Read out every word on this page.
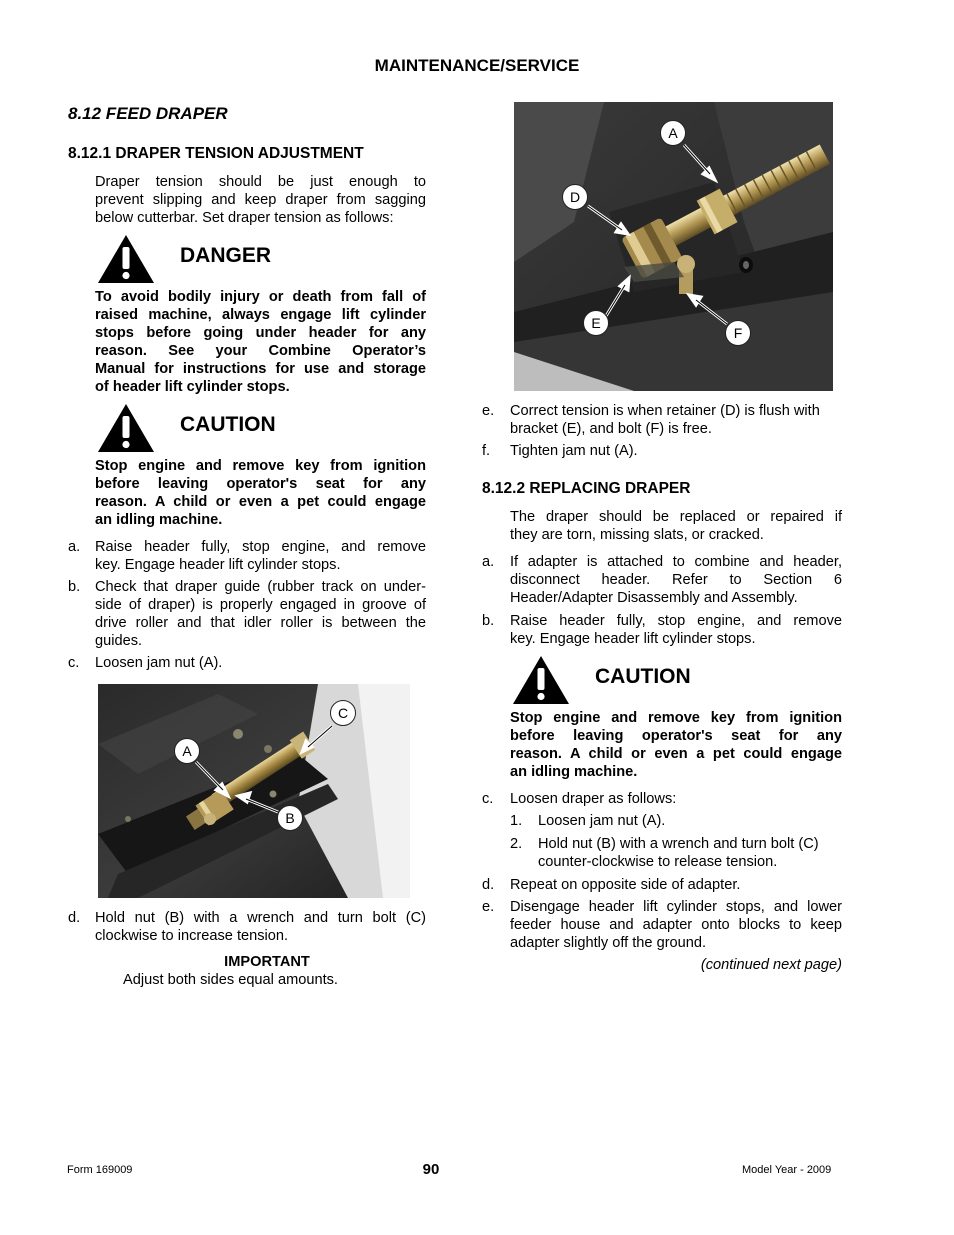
MAINTENANCE/SERVICE
8.12 FEED DRAPER
8.12.1 DRAPER TENSION ADJUSTMENT
Draper tension should be just enough to
prevent slipping and keep draper from sagging
below cutterbar. Set draper tension as follows:
DANGER
To avoid bodily injury or death from fall of
raised machine, always engage lift cylinder
stops before going under header for any
reason. See your Combine Operator’s
Manual for instructions for use and storage
of header lift cylinder stops.
CAUTION
Stop engine and remove key from ignition
before leaving operator's seat for any
reason. A child or even a pet could engage
an idling machine.
a. Raise header fully, stop engine, and remove
key. Engage header lift cylinder stops.
b. Check that draper guide (rubber track on under-
side of draper) is properly engaged in groove of
drive roller and that idler roller is between the
guides.
c. Loosen jam nut (A).
A
B
C
d. Hold nut (B) with a wrench and turn bolt (C)
clockwise to increase tension.
IMPORTANT
Adjust both sides equal amounts.
A
D
E
F
e. Correct tension is when retainer (D) is flush with
bracket (E), and bolt (F) is free.
f. Tighten jam nut (A).
8.12.2 REPLACING DRAPER
The draper should be replaced or repaired if
they are torn, missing slats, or cracked.
a. If adapter is attached to combine and header,
disconnect header. Refer to Section 6
Header/Adapter Disassembly and Assembly.
b. Raise header fully, stop engine, and remove
key. Engage header lift cylinder stops.
CAUTION
Stop engine and remove key from ignition
before leaving operator's seat for any
reason. A child or even a pet could engage
an idling machine.
c. Loosen draper as follows:
1. Loosen jam nut (A).
2. Hold nut (B) with a wrench and turn bolt (C)
counter-clockwise to release tension.
d. Repeat on opposite side of adapter.
e. Disengage header lift cylinder stops, and lower
feeder house and adapter onto blocks to keep
adapter slightly off the ground.
(continued next page)
Form 169009	90	Model Year - 2009
